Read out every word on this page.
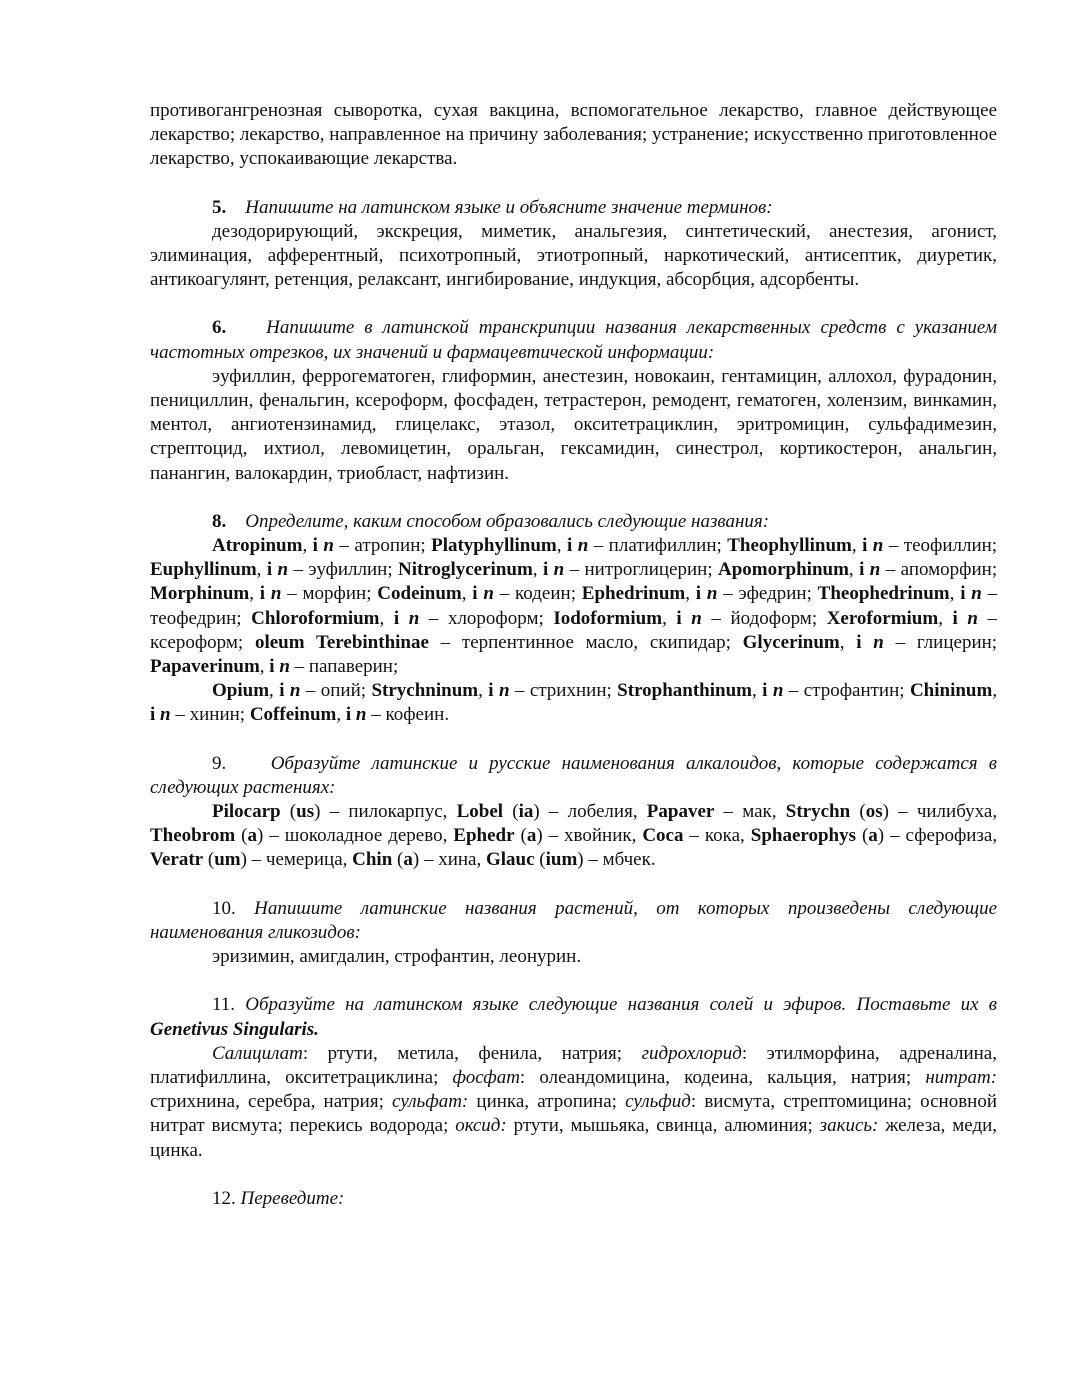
противогангренозная сыворотка, сухая вакцина, вспомогательное лекарство, главное действующее лекарство; лекарство, направленное на причину заболевания; устранение; искусственно приготовленное лекарство, успокаивающие лекарства.

5. Напишите на латинском языке и объясните значение терминов:

дезодорирующий, экскреция, миметик, анальгезия, синтетический, анестезия, агонист, элиминация, афферентный, психотропный, этиотропный, наркотический, антисептик, диуретик, антикоагулянт, ретенция, релаксант, ингибирование, индукция, абсорбция, адсорбенты.

6. Напишите в латинской транскрипции названия лекарственных средств с указанием частотных отрезков, их значений и фармацевтической информации:

эуфиллин, феррогематоген, глиформин, анестезин, новокаин, гентамицин, аллохол, фурадонин, пенициллин, фенальгин, ксероформ, фосфаден, тетрастерон, ремодент, гематоген, холензим, винкамин, ментол, ангиотензинамид, глицелакс, этазол, окситетрациклин, эритромицин, сульфадимезин, стрептоцид, ихтиол, левомицетин, оральган, гексамидин, синестрол, кортикостерон, анальгин, панангин, валокардин, триобласт, нафтизин.

8. Определите, каким способом образовались следующие названия:

Atropinum, i n – атропин; Platyphyllinum, i n – платифиллин; Theophyllinum, i n – теофиллин; Euphyllinum, i n – эуфиллин; Nitroglycerinum, i n – нитроглицерин; Apomorphinum, i n – апоморфин; Morphinum, i n – морфин; Codeinum, i n – кодеин; Ephedrinum, i n – эфедрин; Theophedrinum, i n – теофедрин; Chloroformium, i n – хлороформ; Iodoformium, i n – йодоформ; Xeroformium, i n – ксероформ; oleum Terebinthinae – терпентинное масло, скипидар; Glycerinum, i n – глицерин; Papaverinum, i n – папаверин;

Opium, i n – опий; Strychninum, i n – стрихнин; Strophanthinum, i n – строфантин; Chininum, i n – хинин; Coffeinum, i n – кофеин.

9.    Образуйте латинские и русские наименования алкалоидов, которые содержатся в следующих растениях:

Pilocarp (us) – пилокарпус, Lobel (ia) – лобелия, Papaver – мак, Strychn (os) – чилибуха, Theobrom (a) – шоколадное дерево, Ephedr (a) – хвойник, Coca – кока, Sphaerophys (a) – сферофиза, Veratr (um) – чемерица, Chin (a) – хина, Glauc (ium) – мбчек.

10. Напишите латинские названия растений, от которых произведены следующие наименования гликозидов:

эризимин, амигдалин, строфантин, леонурин.

11. Образуйте на латинском языке следующие названия солей и эфиров. Поставьте их в Genetivus Singularis.

Салицилат: ртути, метила, фенила, натрия; гидрохлорид: этилморфина, адреналина, платифиллина, окситетрациклина; фосфат: олеандомицина, кодеина, кальция, натрия; нитрат: стрихнина, серебра, натрия; сульфат: цинка, атропина; сульфид: висмута, стрептомицина; основной нитрат висмута; перекись водорода; оксид: ртути, мышьяка, свинца, алюминия; закись: железа, меди, цинка.

12. Переведите:
